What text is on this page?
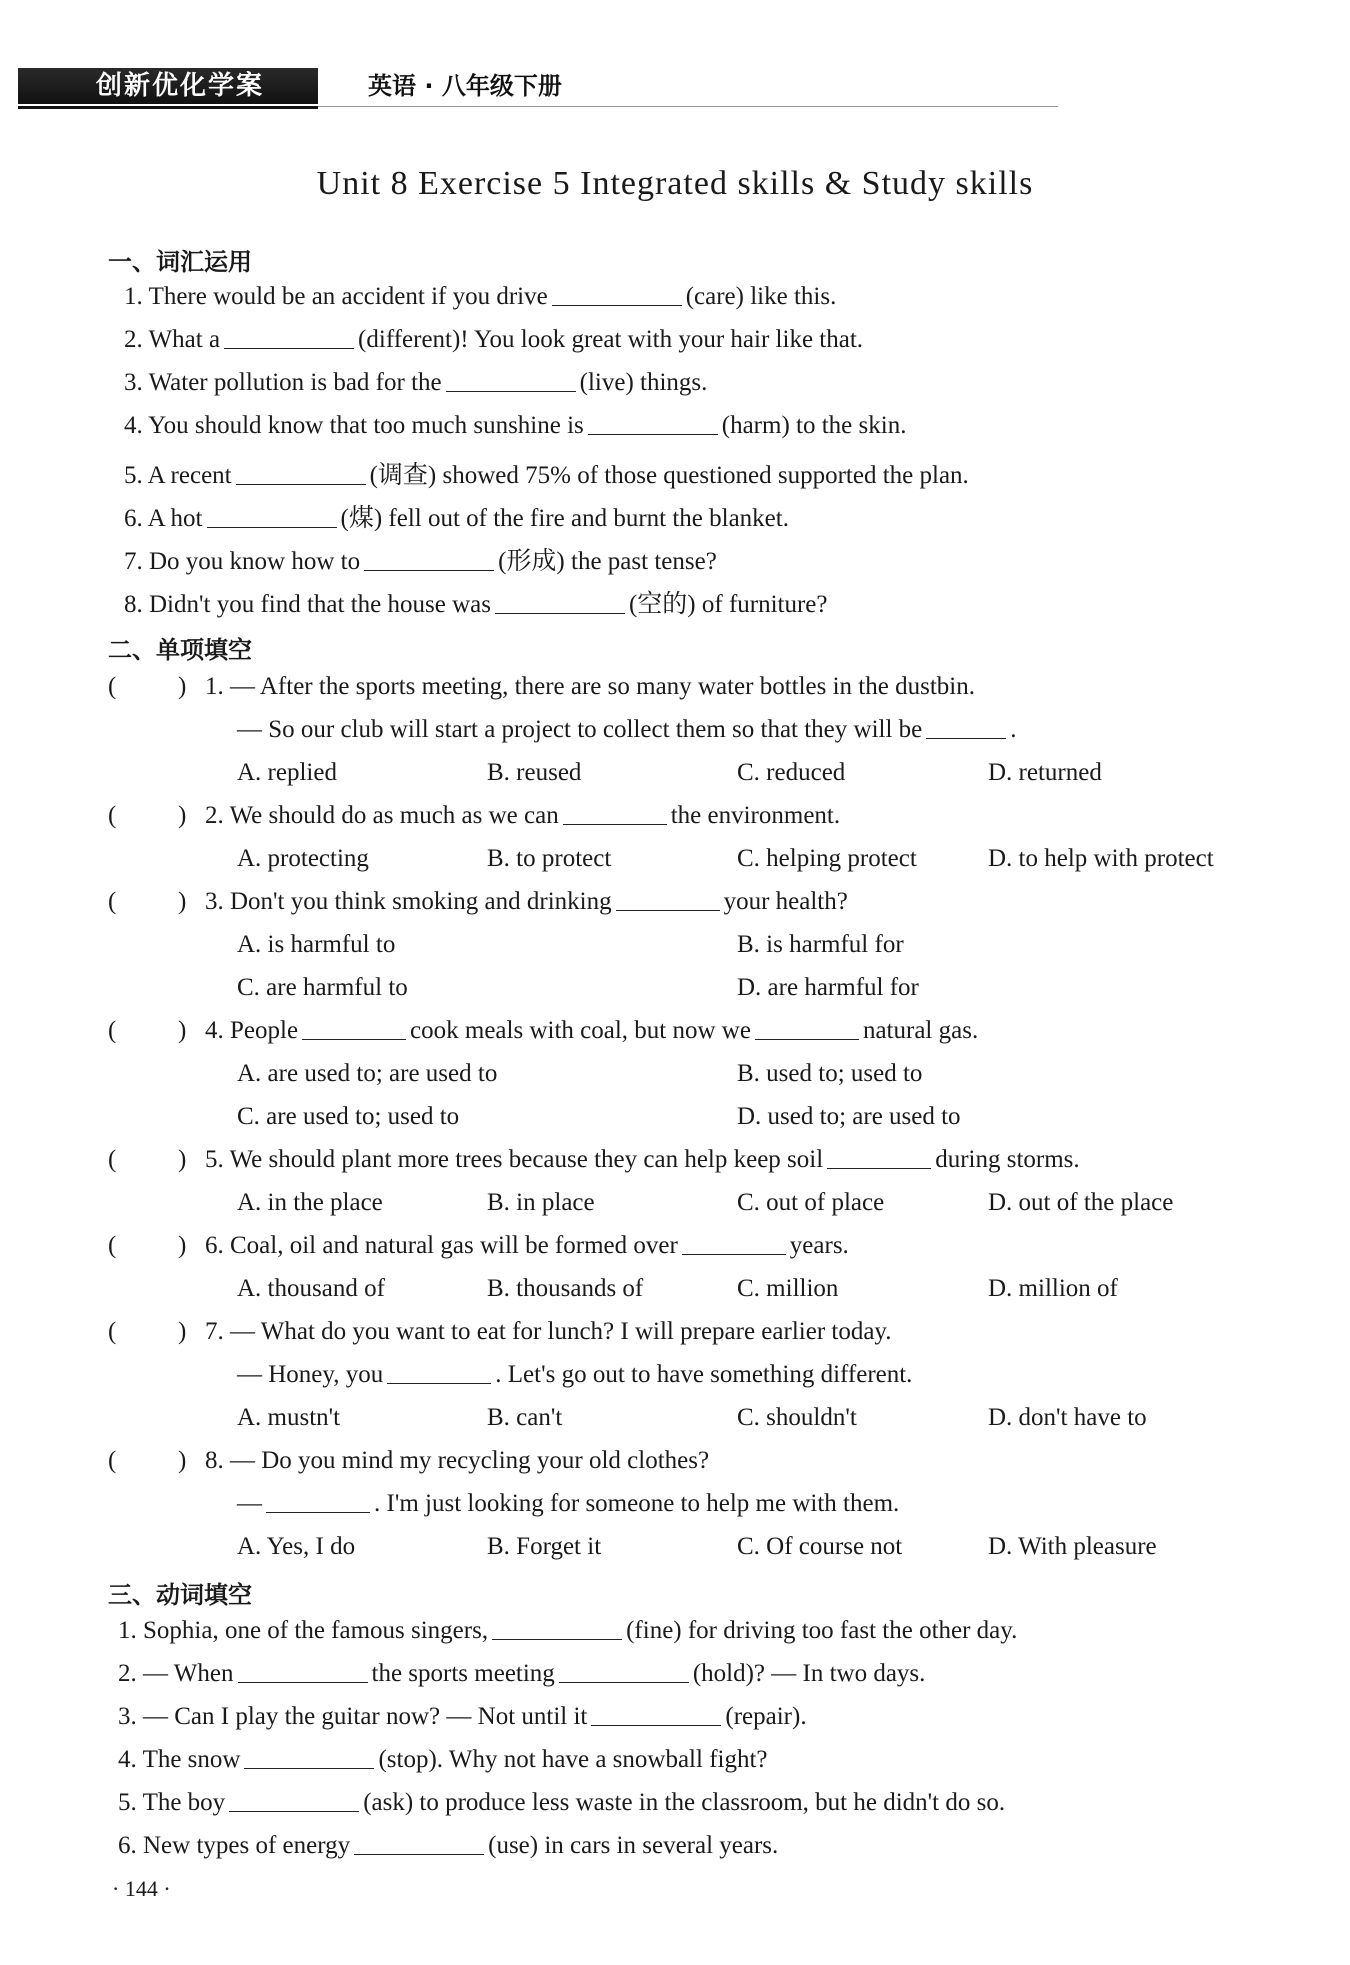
创新优化学案	英语 · 八年级下册
Unit 8 Exercise 5 Integrated skills & Study skills
一、词汇运用
1. There would be an accident if you drive	(care) like this.
2. What a	(different)! You look great with your hair like that.
3. Water pollution is bad for the	(live) things.
4. You should know that too much sunshine is	(harm) to the skin.
5. A recent	(调查) showed 75% of those questioned supported the plan.
6. A hot	(煤) fell out of the fire and burnt the blanket.
7. Do you know how to	(形成) the past tense?
8. Didn't you find that the house was	(空的) of furniture?
二、单项填空
( ) 1. — After the sports meeting, there are so many water bottles in the dustbin.
— So our club will start a project to collect them so that they will be	.
A. replied	B. reused	C. reduced	D. returned
( ) 2. We should do as much as we can	the environment.
A. protecting	B. to protect	C. helping protect	D. to help with protect
( ) 3. Don't you think smoking and drinking	your health?
A. is harmful to	B. is harmful for
C. are harmful to	D. are harmful for
( ) 4. People	cook meals with coal, but now we	natural gas.
A. are used to; are used to	B. used to; used to
C. are used to; used to	D. used to; are used to
( ) 5. We should plant more trees because they can help keep soil	during storms.
A. in the place	B. in place	C. out of place	D. out of the place
( ) 6. Coal, oil and natural gas will be formed over	years.
A. thousand of	B. thousands of	C. million	D. million of
( ) 7. — What do you want to eat for lunch? I will prepare earlier today.
— Honey, you	. Let's go out to have something different.
A. mustn't	B. can't	C. shouldn't	D. don't have to
( ) 8. — Do you mind my recycling your old clothes?
—	. I'm just looking for someone to help me with them.
A. Yes, I do	B. Forget it	C. Of course not	D. With pleasure
三、动词填空
1. Sophia, one of the famous singers,	(fine) for driving too fast the other day.
2. — When	the sports meeting	(hold)? — In two days.
3. — Can I play the guitar now? — Not until it	(repair).
4. The snow	(stop). Why not have a snowball fight?
5. The boy	(ask) to produce less waste in the classroom, but he didn't do so.
6. New types of energy	(use) in cars in several years.
· 144 ·
